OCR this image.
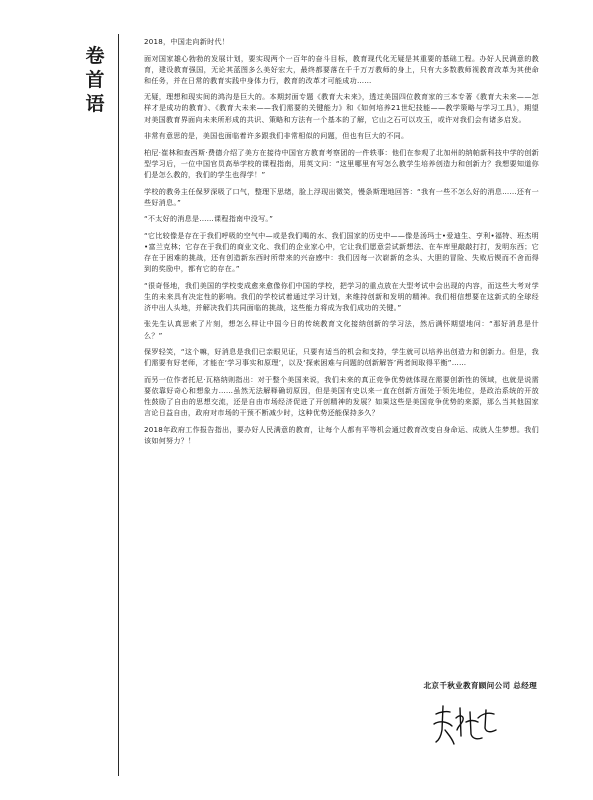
卷
首
语

2018，中国走向新时代！

面对国家雄心勃勃的发展计划，要实现两个一百年的奋斗目标，教育现代化无疑是其重要的基础工程。办好人民满意的教育，建设教育强国，无论其蓝图多么美好宏大，最终都要落在千千万万教师的身上，只有大多数教师视教育改革为其使命和任务，并在日常的教育实践中身体力行，教育的改革才可能成功……

无疑，理想和现实间的鸿沟是巨大的。本期封面专题《教育大未来》，透过美国四位教育家的三本专著《教育大未来——怎样才是成功的教育》、《教育大未来——我们需要的关键能力》和《如何培养21世纪技能——教学策略与学习工具》，期望对美国教育界面向未来所形成的共识、策略和方法有一个基本的了解，它山之石可以攻玉，或许对我们会有诸多启发。

非常有意思的是，美国也面临着许多跟我们非常相似的问题，但也有巨大的不同。

柏尼·崔林和查西斯·费德介绍了美方在接待中国官方教育考察团的一件轶事：他们在参观了北加州的纳帕新科技中学的创新型学习后，一位中国官员高举学校的课程指南，用英文问：“这里哪里有写怎么教学生培养创造力和创新力？我想要知道你们是怎么教的，我们的学生也得学！”

学校的教务主任保罗深吸了口气，整理下思绪，脸上浮现出微笑，慢条斯理地回答：“我有一些不怎么好的消息……还有一些好消息。”

“不太好的消息是……课程指南中没写。”

“它比较像是存在于我们呼吸的空气中—或是我们喝的水、我们国家的历史中——像是汤玛士•爱迪生、亨利•福特、班杰明•富兰克林；它存在于我们的商业文化、我们的企业家心中，它让我们愿意尝试新想法、在车库里敲敲打打，发明东西；它存在于困难的挑战，还有创造新东西时所带来的兴奋感中：我们因每一次崭新的念头、大胆的冒险、失败后锲而不舍而得到的奖励中，都有它的存在。”

“很奇怪地，我们美国的学校变成愈来愈像你们中国的学校，把学习的重点放在大型考试中会出现的内容，而这些大考对学生的未来具有决定性的影响。我们的学校试着通过学习计划，来维持创新和发明的精神。我们相信想要在这新式的全球经济中出人头地，并解决我们共同面临的挑战，这些能力将成为我们成功的关键。”

张先生认真思索了片刻，想怎么样让中国今日的传统教育文化接纳创新的学习法，然后满怀期望地问：“那好消息是什么？”

保罗轻笑，“这个嘛，好消息是我们已亲眼见证，只要有适当的机会和支持，学生就可以培养出创造力和创新力。但是，我们需要有好老师，才能在‘学习事实和原理’，以及‘探索困难与问题的创新解答’两者间取得平衡”……

而另一位作者托尼·瓦格纳则指出：对于整个美国来说，我们未来的真正竞争优势就体现在需要创新性的领域，也就是说需要依靠好奇心和想象力……虽然无法解释确切原因，但是美国有史以来一直在创新方面处于领先地位，是政治系统的开放性鼓励了自由的思想交流，还是自由市场经济促进了开创精神的发展？如果这些是美国竞争优势的来源，那么当其他国家言论日益自由，政府对市场的干预不断减少时，这种优势还能保持多久？

2018年政府工作报告指出，要办好人民满意的教育，让每个人都有平等机会通过教育改变自身命运、成就人生梦想。我们该如何努力？！

北京千秋业教育顾问公司 总经理
